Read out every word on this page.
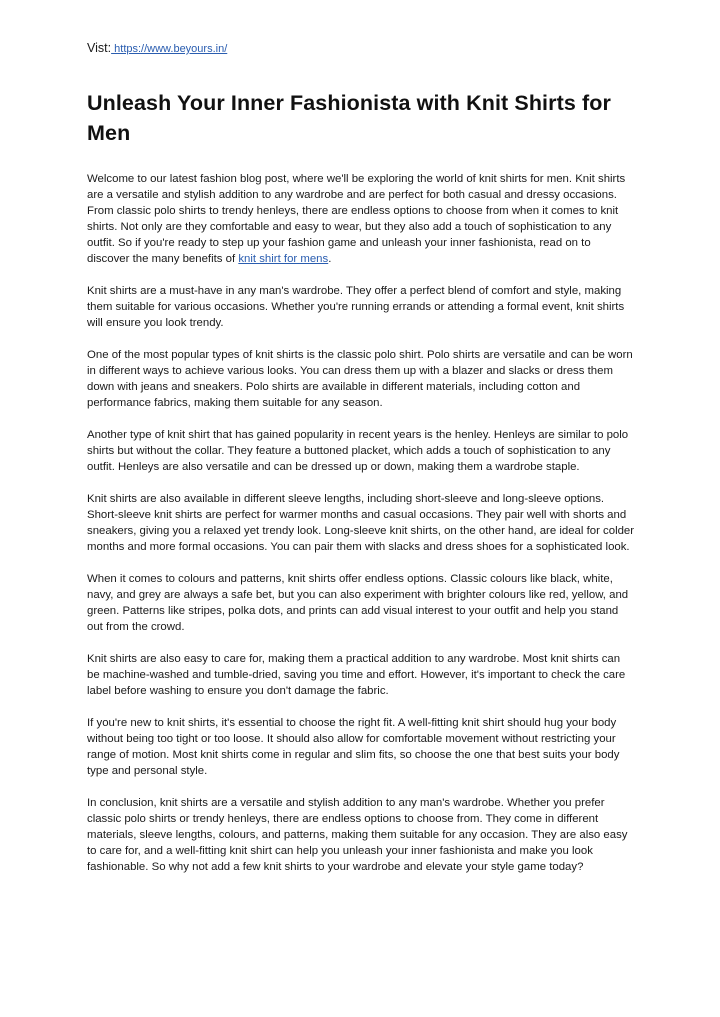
Vist: https://www.beyours.in/

Unleash Your Inner Fashionista with Knit Shirts for Men

Welcome to our latest fashion blog post, where we'll be exploring the world of knit shirts for men. Knit shirts are a versatile and stylish addition to any wardrobe and are perfect for both casual and dressy occasions. From classic polo shirts to trendy henleys, there are endless options to choose from when it comes to knit shirts. Not only are they comfortable and easy to wear, but they also add a touch of sophistication to any outfit. So if you're ready to step up your fashion game and unleash your inner fashionista, read on to discover the many benefits of knit shirt for mens.

Knit shirts are a must-have in any man's wardrobe. They offer a perfect blend of comfort and style, making them suitable for various occasions. Whether you're running errands or attending a formal event, knit shirts will ensure you look trendy.

One of the most popular types of knit shirts is the classic polo shirt. Polo shirts are versatile and can be worn in different ways to achieve various looks. You can dress them up with a blazer and slacks or dress them down with jeans and sneakers. Polo shirts are available in different materials, including cotton and performance fabrics, making them suitable for any season.

Another type of knit shirt that has gained popularity in recent years is the henley. Henleys are similar to polo shirts but without the collar. They feature a buttoned placket, which adds a touch of sophistication to any outfit. Henleys are also versatile and can be dressed up or down, making them a wardrobe staple.

Knit shirts are also available in different sleeve lengths, including short-sleeve and long-sleeve options. Short-sleeve knit shirts are perfect for warmer months and casual occasions. They pair well with shorts and sneakers, giving you a relaxed yet trendy look. Long-sleeve knit shirts, on the other hand, are ideal for colder months and more formal occasions. You can pair them with slacks and dress shoes for a sophisticated look.

When it comes to colours and patterns, knit shirts offer endless options. Classic colours like black, white, navy, and grey are always a safe bet, but you can also experiment with brighter colours like red, yellow, and green. Patterns like stripes, polka dots, and prints can add visual interest to your outfit and help you stand out from the crowd.

Knit shirts are also easy to care for, making them a practical addition to any wardrobe. Most knit shirts can be machine-washed and tumble-dried, saving you time and effort. However, it's important to check the care label before washing to ensure you don't damage the fabric.

If you're new to knit shirts, it's essential to choose the right fit. A well-fitting knit shirt should hug your body without being too tight or too loose. It should also allow for comfortable movement without restricting your range of motion. Most knit shirts come in regular and slim fits, so choose the one that best suits your body type and personal style.

In conclusion, knit shirts are a versatile and stylish addition to any man's wardrobe. Whether you prefer classic polo shirts or trendy henleys, there are endless options to choose from. They come in different materials, sleeve lengths, colours, and patterns, making them suitable for any occasion. They are also easy to care for, and a well-fitting knit shirt can help you unleash your inner fashionista and make you look fashionable. So why not add a few knit shirts to your wardrobe and elevate your style game today?
